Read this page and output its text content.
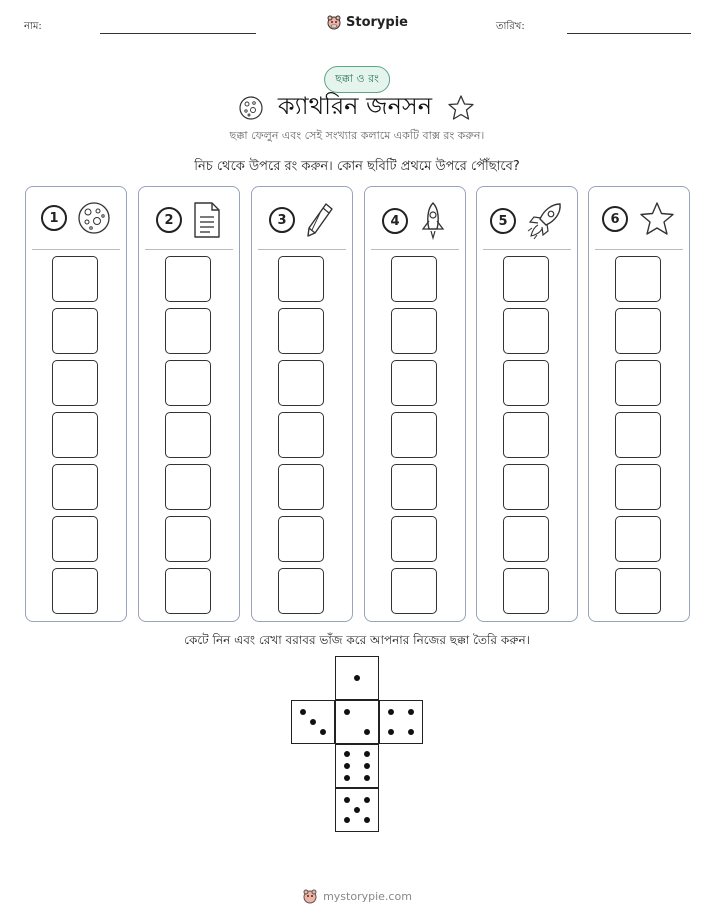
নাম:	Storypie	তারিখ:
ছক্কা ও রং
ক্যাথরিন জনসন
ছক্কা ফেলুন এবং সেই সংখ্যার কলামে একটি বাক্স রং করুন।
নিচ থেকে উপরে রং করুন। কোন ছবিটি প্রথমে উপরে পৌঁছাবে?
1	2	3	4	5	6
কেটে নিন এবং রেখা বরাবর ভাঁজ করে আপনার নিজের ছক্কা তৈরি করুন।
mystorypie.com
